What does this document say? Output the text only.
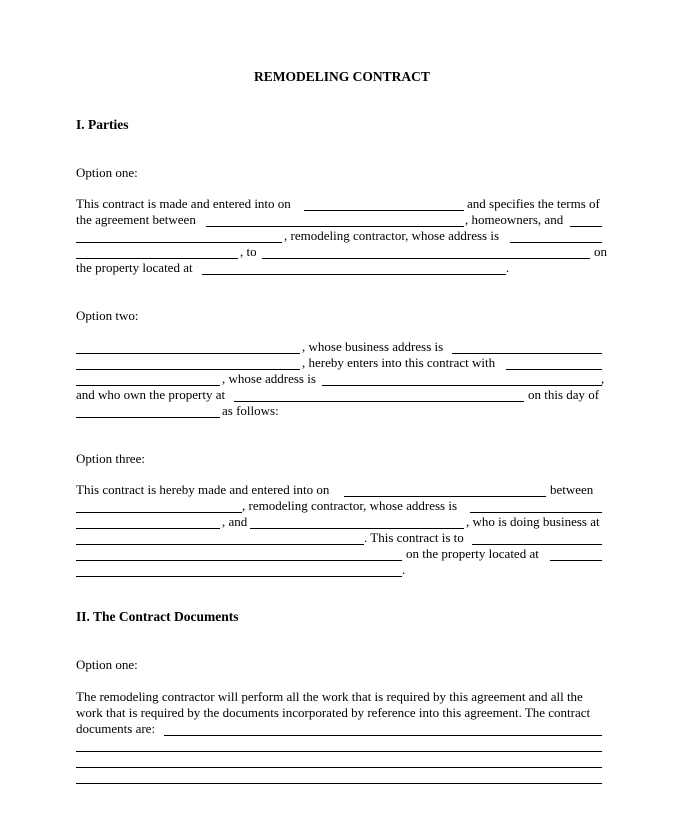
REMODELING CONTRACT
I. Parties
Option one:
This contract is made and entered into on	and specifies the terms of
the agreement between	, homeowners, and
, remodeling contractor, whose address is
, to	on
the property located at	.
Option two:
, whose business address is
, hereby enters into this contract with
, whose address is	,
and who own the property at	on this day of
as follows:
Option three:
This contract is hereby made and entered into on	between
, remodeling contractor, whose address is
, and	, who is doing business at
. This contract is to
on the property located at
.
II. The Contract Documents
Option one:
The remodeling contractor will perform all the work that is required by this agreement and all the
work that is required by the documents incorporated by reference into this agreement. The contract
documents are:
